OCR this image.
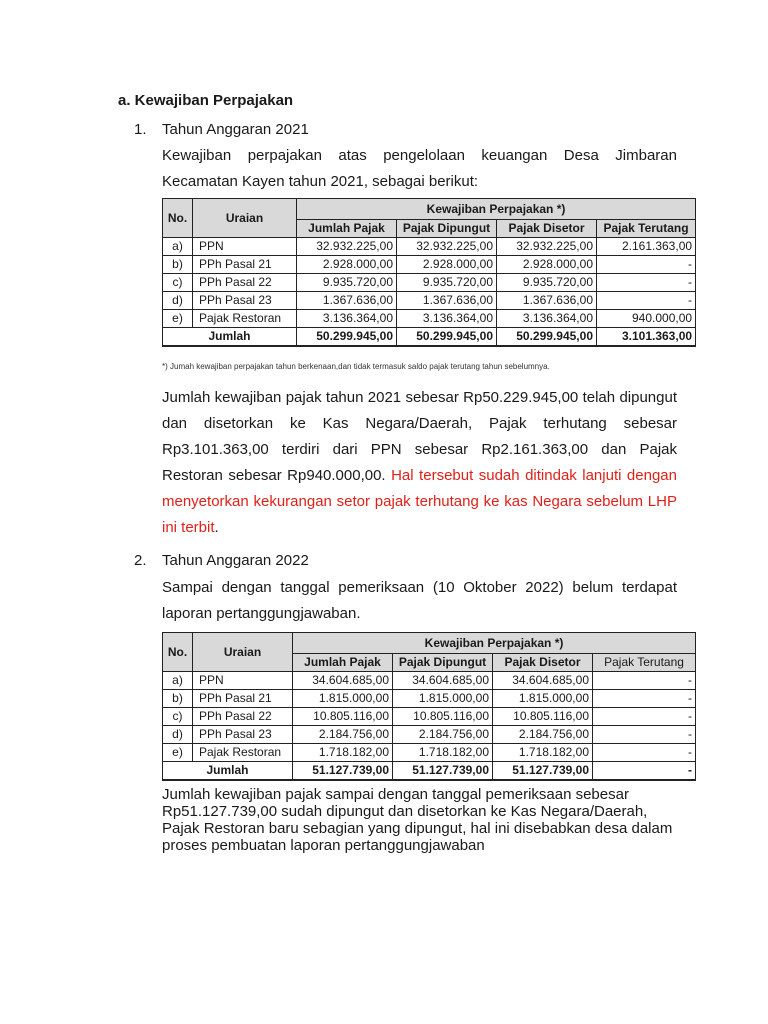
a. Kewajiban Perpajakan
1. Tahun Anggaran 2021
Kewajiban perpajakan atas pengelolaan keuangan Desa Jimbaran
Kecamatan Kayen tahun 2021, sebagai berikut:
No.	Uraian	Kewajiban Perpajakan *)			
		Jumlah Pajak	Pajak Dipungut	Pajak Disetor	Pajak Terutang
a)	PPN	32.932.225,00	32.932.225,00	32.932.225,00	2.161.363,00
b)	PPh Pasal 21	2.928.000,00	2.928.000,00	2.928.000,00	-
c)	PPh Pasal 22	9.935.720,00	9.935.720,00	9.935.720,00	-
d)	PPh Pasal 23	1.367.636,00	1.367.636,00	1.367.636,00	-
e)	Pajak Restoran	3.136.364,00	3.136.364,00	3.136.364,00	940.000,00
Jumlah		50.299.945,00	50.299.945,00	50.299.945,00	3.101.363,00
*) Jumah kewajiban perpajakan tahun berkenaan,dan tidak termasuk saldo pajak terutang tahun sebelumnya.
Jumlah kewajiban pajak tahun 2021 sebesar Rp50.229.945,00 telah dipungut
dan disetorkan ke Kas Negara/Daerah, Pajak terhutang sebesar
Rp3.101.363,00 terdiri dari PPN sebesar Rp2.161.363,00 dan Pajak
Restoran sebesar Rp940.000,00. Hal tersebut sudah ditindak lanjuti dengan
menyetorkan kekurangan setor pajak terhutang ke kas Negara sebelum LHP
ini terbit.
2. Tahun Anggaran 2022
Sampai dengan tanggal pemeriksaan (10 Oktober 2022) belum terdapat
laporan pertanggungjawaban.
No.	Uraian	Kewajiban Perpajakan *)			
		Jumlah Pajak	Pajak Dipungut	Pajak Disetor	Pajak Terutang
a)	PPN	34.604.685,00	34.604.685,00	34.604.685,00	-
b)	PPh Pasal 21	1.815.000,00	1.815.000,00	1.815.000,00	-
c)	PPh Pasal 22	10.805.116,00	10.805.116,00	10.805.116,00	-
d)	PPh Pasal 23	2.184.756,00	2.184.756,00	2.184.756,00	-
e)	Pajak Restoran	1.718.182,00	1.718.182,00	1.718.182,00	-
Jumlah		51.127.739,00	51.127.739,00	51.127.739,00	-
Jumlah kewajiban pajak sampai dengan tanggal pemeriksaan sebesar
Rp51.127.739,00 sudah dipungut dan disetorkan ke Kas Negara/Daerah,
Pajak Restoran baru sebagian yang dipungut, hal ini disebabkan desa dalam
proses pembuatan laporan pertanggungjawaban
